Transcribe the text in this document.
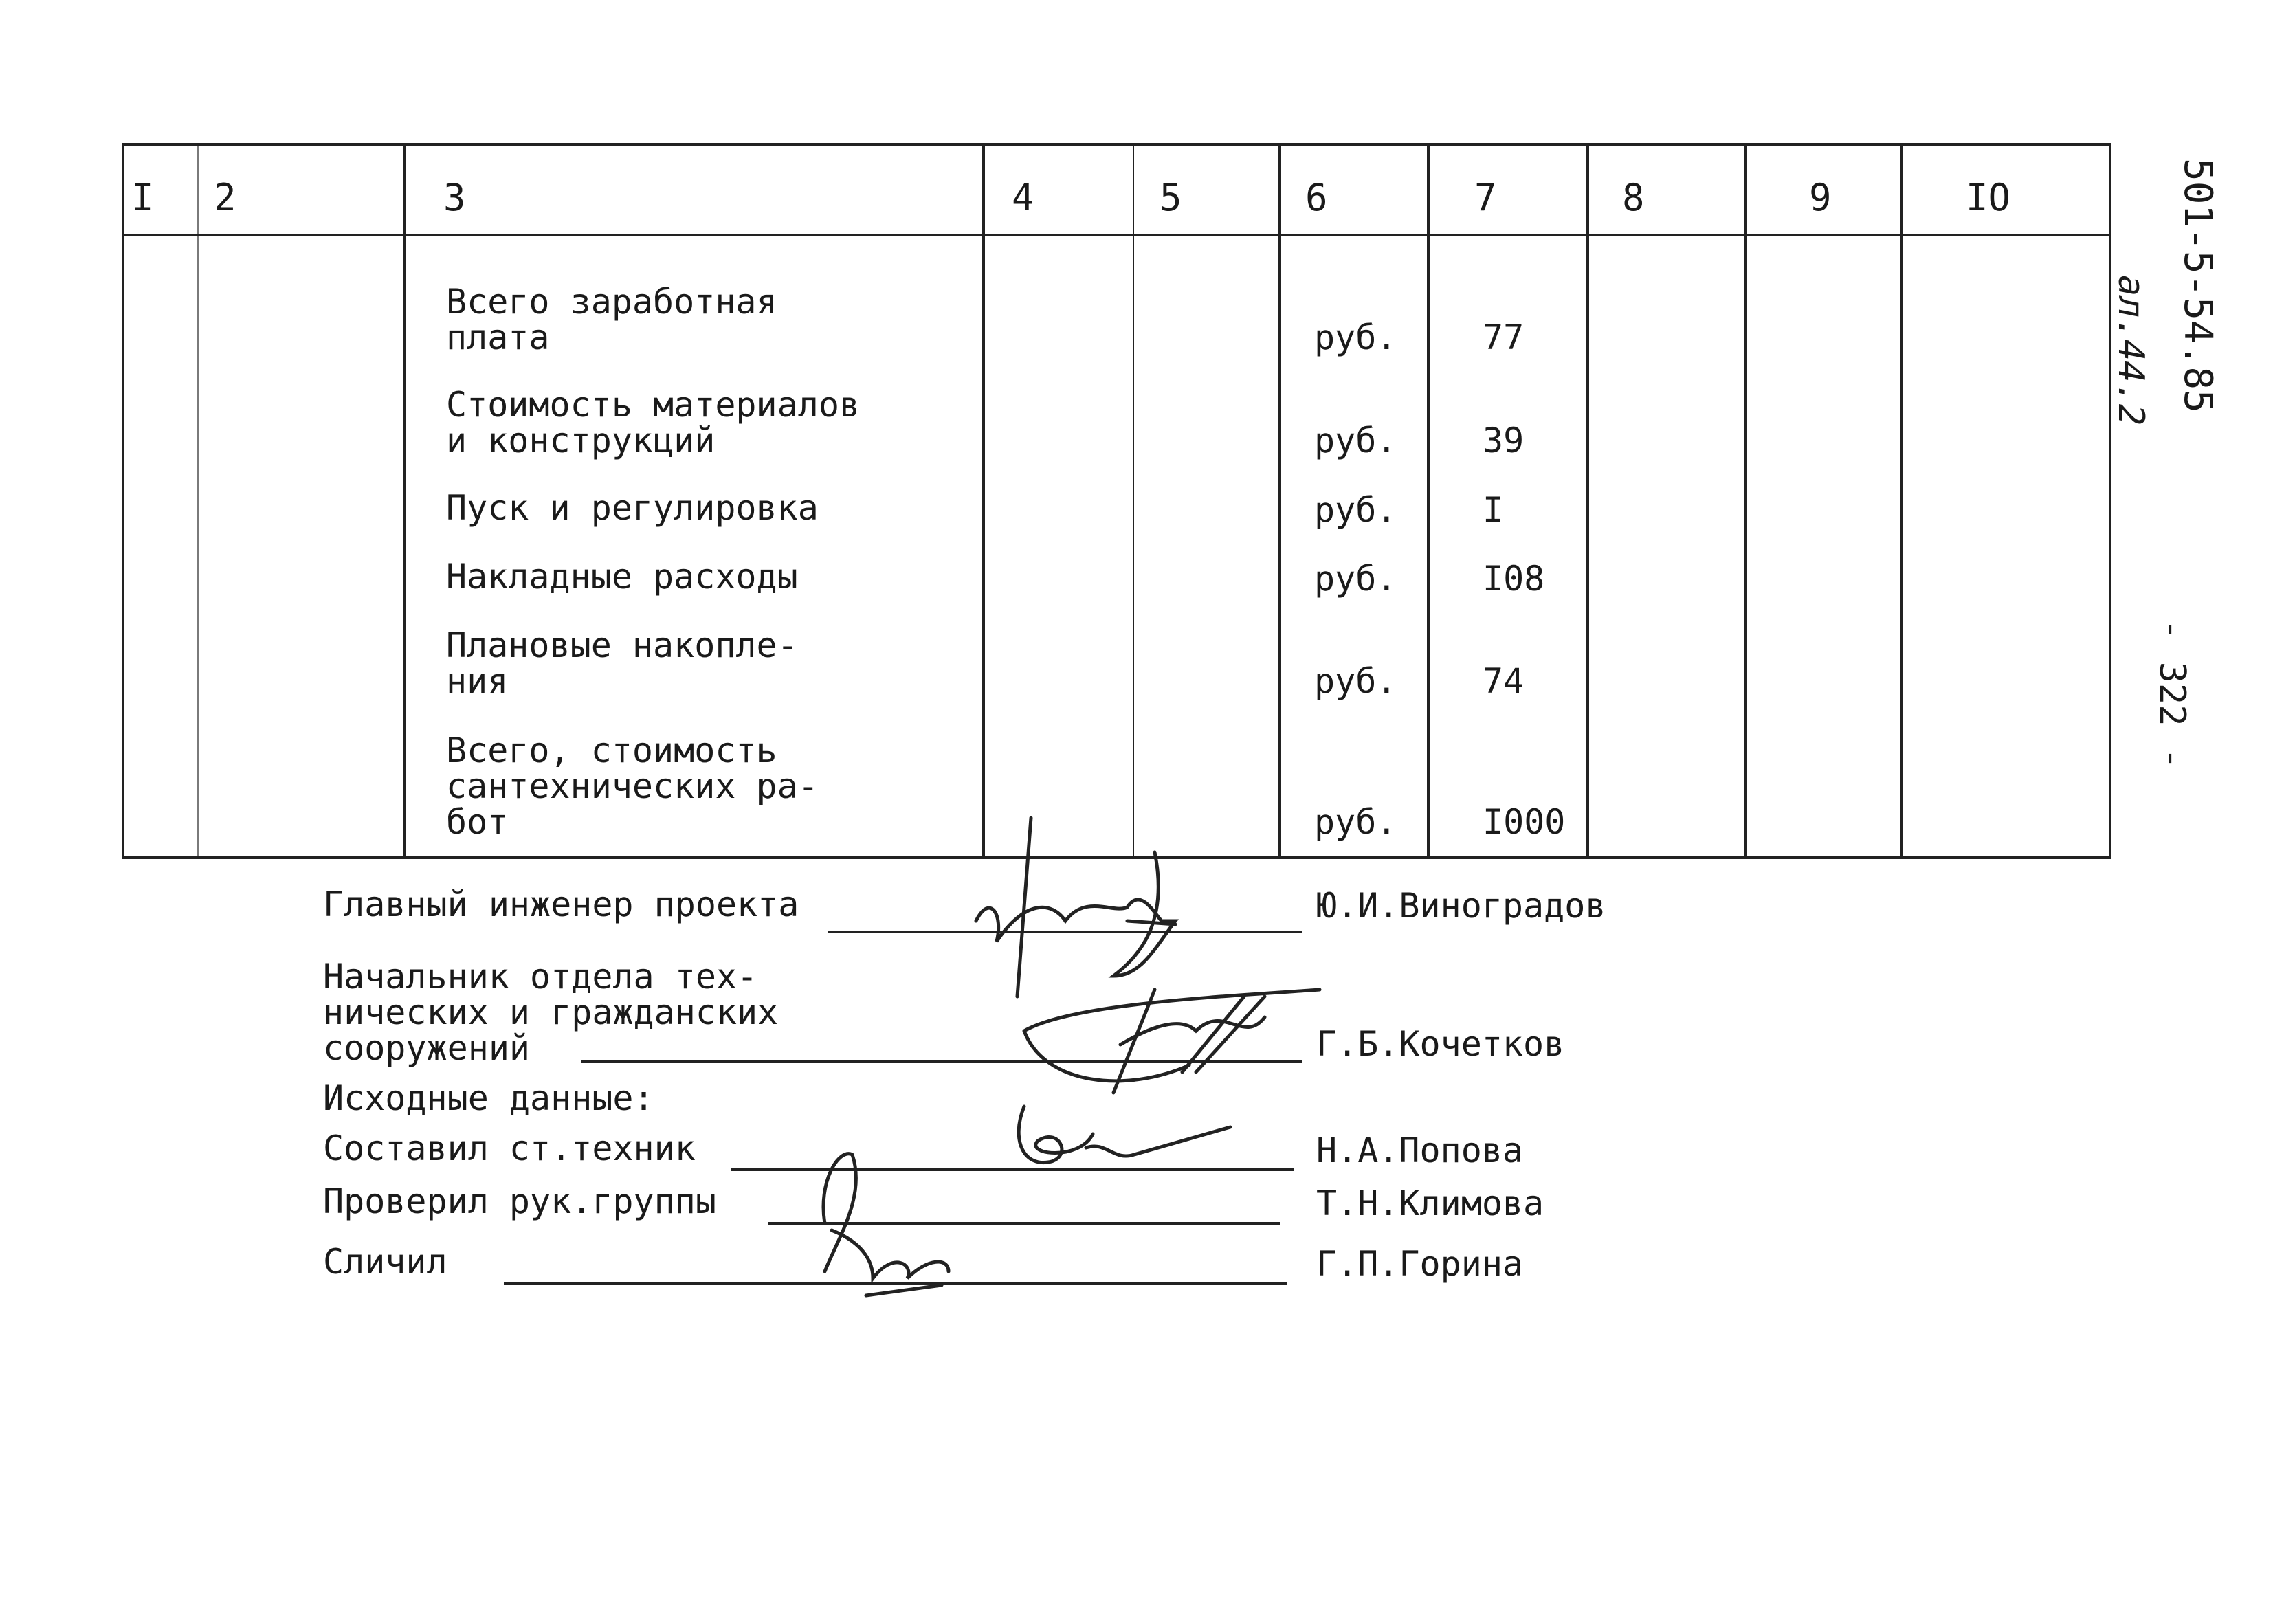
I 2	3	4	5	6	7	8	9	IO
Всего заработная
плата	руб. 77
Стоимость материалов
и конструкций	руб. 39
Пуск и регулировка	руб. I
Накладные расходы	руб. I08
Плановые накопле-
ния	руб. 74
Всего, стоимость
сантехнических ра-
бот	руб. I000
501-5-54.85
ал.44.2
- 322 -
Главный инженер проекта	Ю.И.Виноградов
Начальник отдела тех-
нических и гражданских
сооружений	Г.Б.Кочетков
Исходные данные:
Составил ст.техник	Н.А.Попова
Проверил рук.группы	Т.Н.Климова
Сличил	Г.П.Горина
